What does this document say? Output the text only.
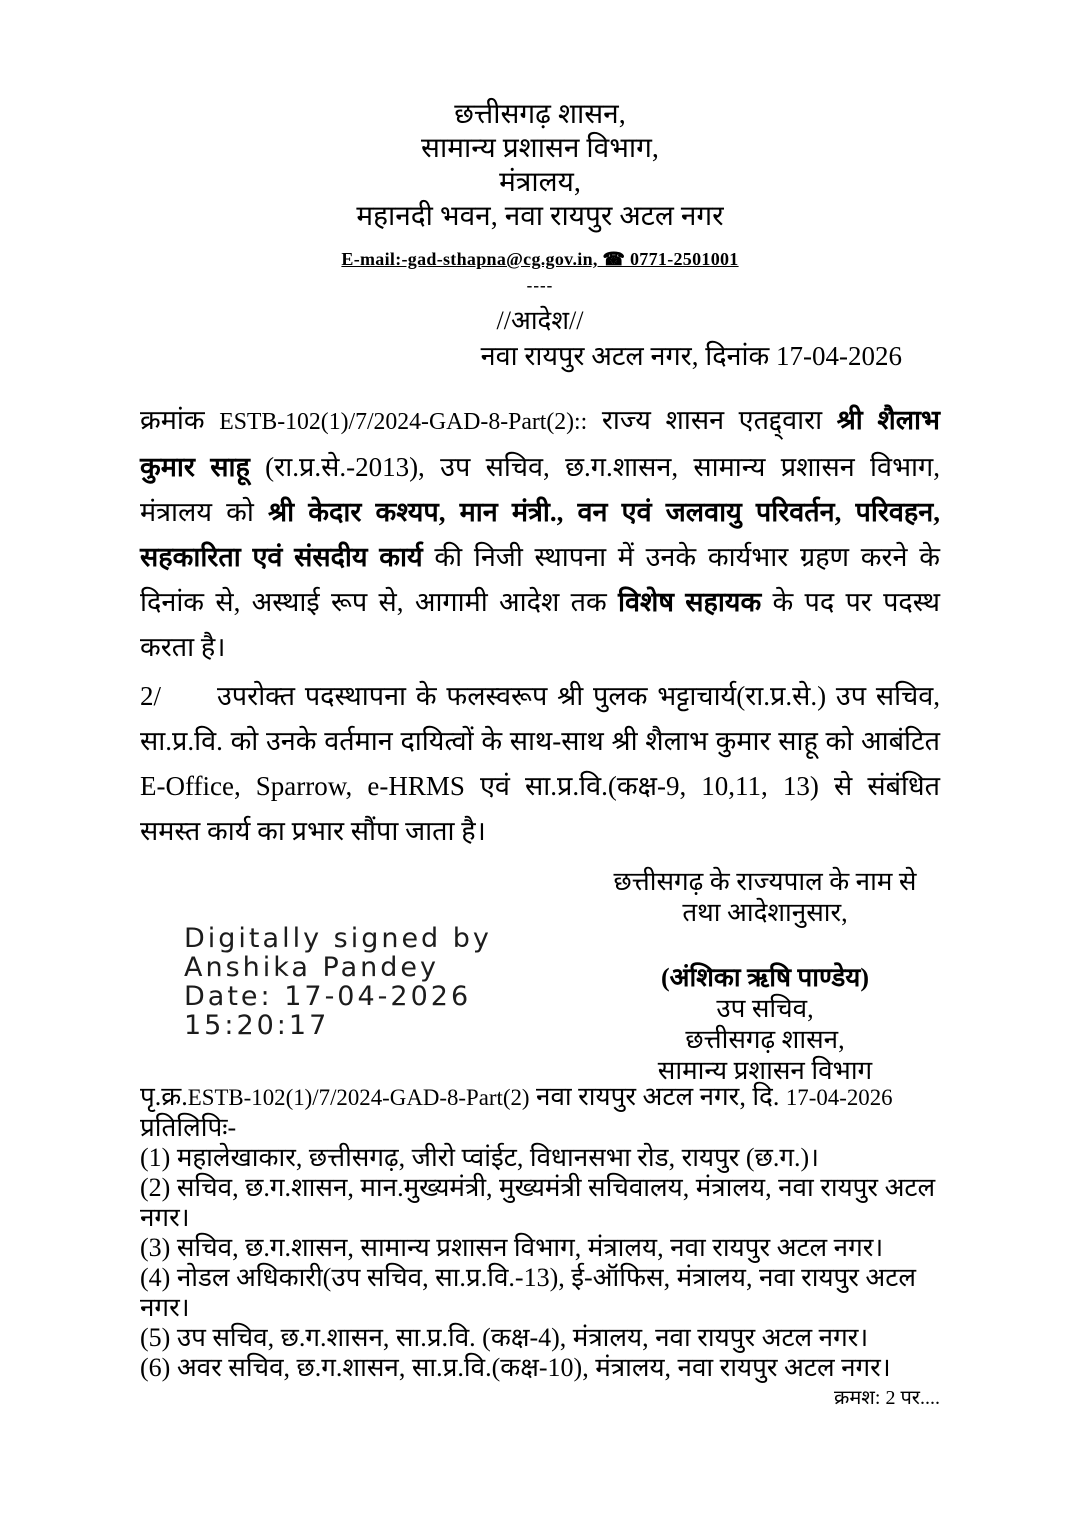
छत्तीसगढ़ शासन,
सामान्य प्रशासन विभाग,
मंत्रालय,
महानदी भवन, नवा रायपुर अटल नगर
E-mail:-gad-sthapna@cg.gov.in, ☎ 0771-2501001
----
//आदेश//
नवा रायपुर अटल नगर, दिनांक 17-04-2026

क्रमांक ESTB-102(1)/7/2024-GAD-8-Part(2):: राज्य शासन एतद्द्वारा श्री शैलाभ कुमार साहू (रा.प्र.से.-2013), उप सचिव, छ.ग.शासन, सामान्य प्रशासन विभाग, मंत्रालय को श्री केदार कश्यप, मान मंत्री., वन एवं जलवायु परिवर्तन, परिवहन, सहकारिता एवं संसदीय कार्य की निजी स्थापना में उनके कार्यभार ग्रहण करने के दिनांक से, अस्थाई रूप से, आगामी आदेश तक विशेष सहायक के पद पर पदस्थ करता है।

2/ उपरोक्त पदस्थापना के फलस्वरूप श्री पुलक भट्टाचार्य(रा.प्र.से.) उप सचिव, सा.प्र.वि. को उनके वर्तमान दायित्वों के साथ-साथ श्री शैलाभ कुमार साहू को आबंटित E-Office, Sparrow, e-HRMS एवं सा.प्र.वि.(कक्ष-9, 10,11, 13) से संबंधित समस्त कार्य का प्रभार सौंपा जाता है।

Digitally signed by
Anshika Pandey
Date: 17-04-2026
15:20:17
छत्तीसगढ़ के राज्यपाल के नाम से
तथा आदेशानुसार,
(अंशिका ऋषि पाण्डेय)
उप सचिव,
छत्तीसगढ़ शासन,
सामान्य प्रशासन विभाग
पृ.क्र.ESTB-102(1)/7/2024-GAD-8-Part(2) नवा रायपुर अटल नगर, दि. 17-04-2026
प्रतिलिपिः-
(1) महालेखाकार, छत्तीसगढ़, जीरो प्वांईट, विधानसभा रोड, रायपुर (छ.ग.)।
(2) सचिव, छ.ग.शासन, मान.मुख्यमंत्री, मुख्यमंत्री सचिवालय, मंत्रालय, नवा रायपुर अटल नगर।
(3) सचिव, छ.ग.शासन, सामान्य प्रशासन विभाग, मंत्रालय, नवा रायपुर अटल नगर।
(4) नोडल अधिकारी(उप सचिव, सा.प्र.वि.-13), ई-ऑफिस, मंत्रालय, नवा रायपुर अटल नगर।
(5) उप सचिव, छ.ग.शासन, सा.प्र.वि. (कक्ष-4), मंत्रालय, नवा रायपुर अटल नगर।
(6) अवर सचिव, छ.ग.शासन, सा.प्र.वि.(कक्ष-10), मंत्रालय, नवा रायपुर अटल नगर।
क्रमश: 2 पर....
